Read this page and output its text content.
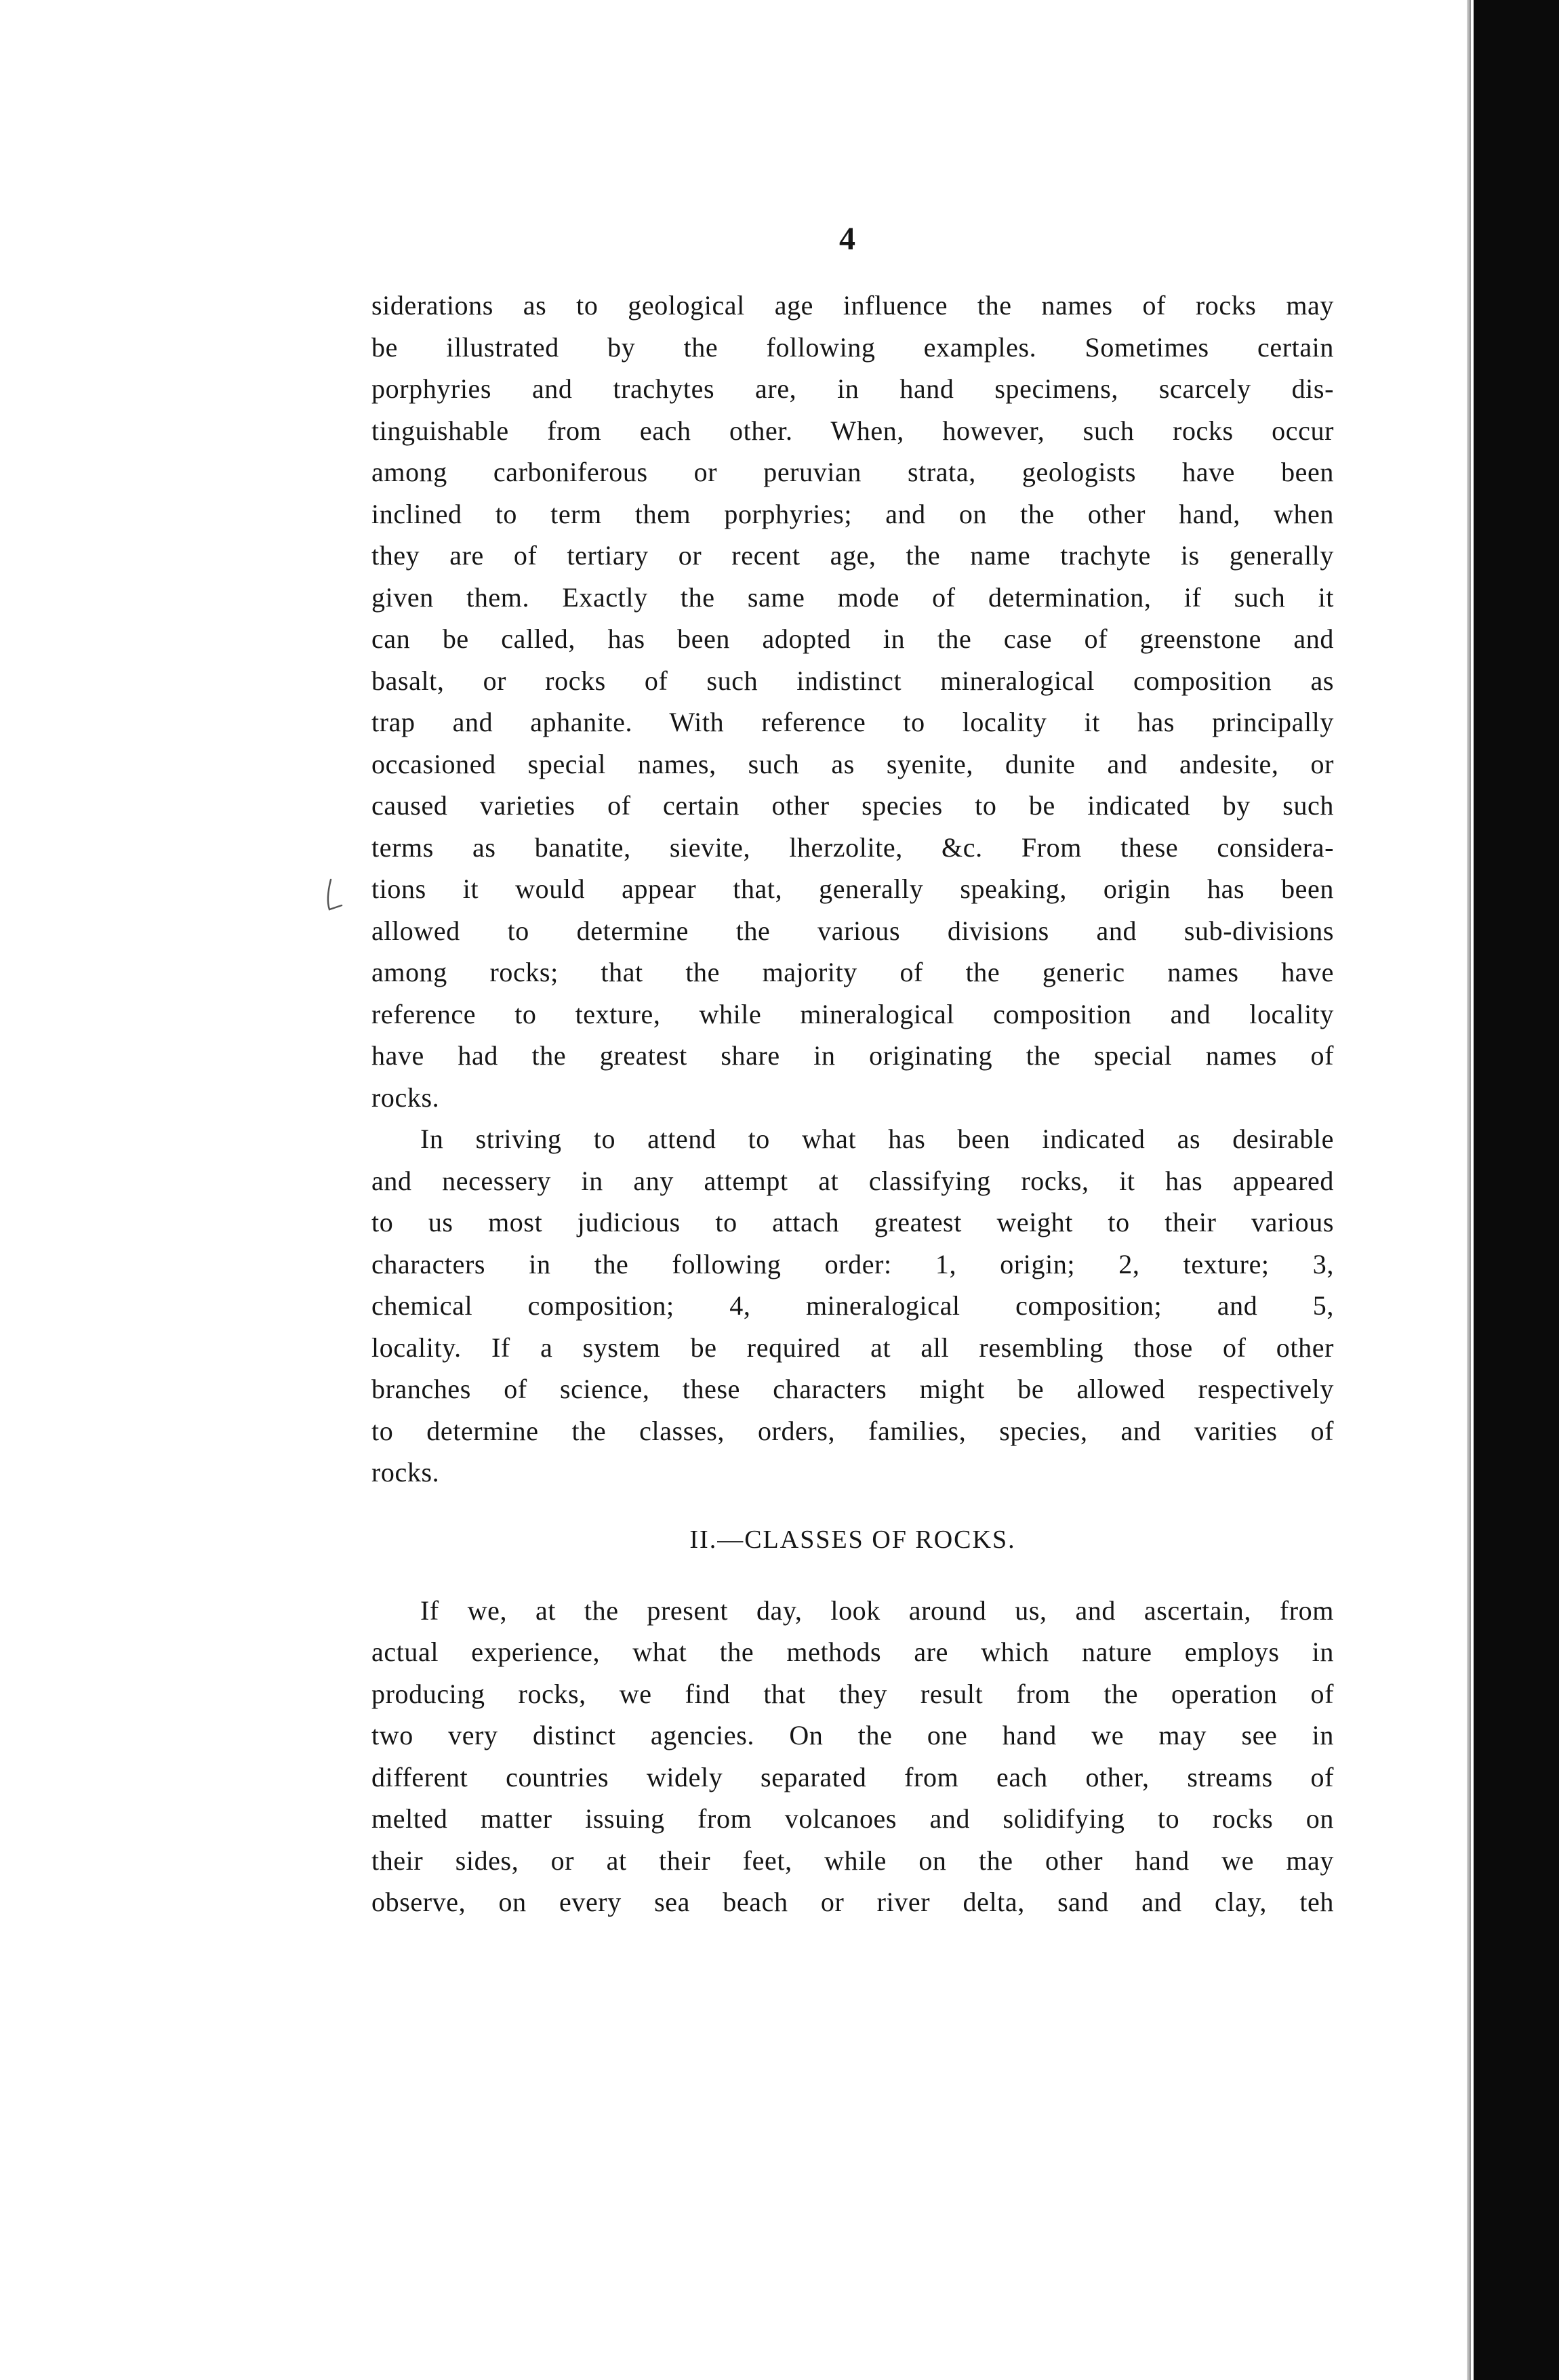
4

siderations as to geological age influence the names of rocks may
be illustrated by the following examples. Sometimes certain
porphyries and trachytes are, in hand specimens, scarcely dis-
tinguishable from each other. When, however, such rocks occur
among carboniferous or peruvian strata, geologists have been
inclined to term them porphyries; and on the other hand, when
they are of tertiary or recent age, the name trachyte is generally
given them. Exactly the same mode of determination, if such it
can be called, has been adopted in the case of greenstone and
basalt, or rocks of such indistinct mineralogical composition as
trap and aphanite. With reference to locality it has principally
occasioned special names, such as syenite, dunite and andesite, or
caused varieties of certain other species to be indicated by such
terms as banatite, sievite, lherzolite, &c. From these considera-
tions it would appear that, generally speaking, origin has been
allowed to determine the various divisions and sub-divisions
among rocks; that the majority of the generic names have
reference to texture, while mineralogical composition and locality
have had the greatest share in originating the special names of
rocks.

In striving to attend to what has been indicated as desirable
and necessery in any attempt at classifying rocks, it has appeared
to us most judicious to attach greatest weight to their various
characters in the following order: 1, origin; 2, texture; 3,
chemical composition; 4, mineralogical composition; and 5,
locality. If a system be required at all resembling those of other
branches of science, these characters might be allowed respectively
to determine the classes, orders, families, species, and varities of
rocks.

II.—CLASSES OF ROCKS.

If we, at the present day, look around us, and ascertain, from
actual experience, what the methods are which nature employs in
producing rocks, we find that they result from the operation of
two very distinct agencies. On the one hand we may see in
different countries widely separated from each other, streams of
melted matter issuing from volcanoes and solidifying to rocks on
their sides, or at their feet, while on the other hand we may
observe, on every sea beach or river delta, sand and clay, teh
